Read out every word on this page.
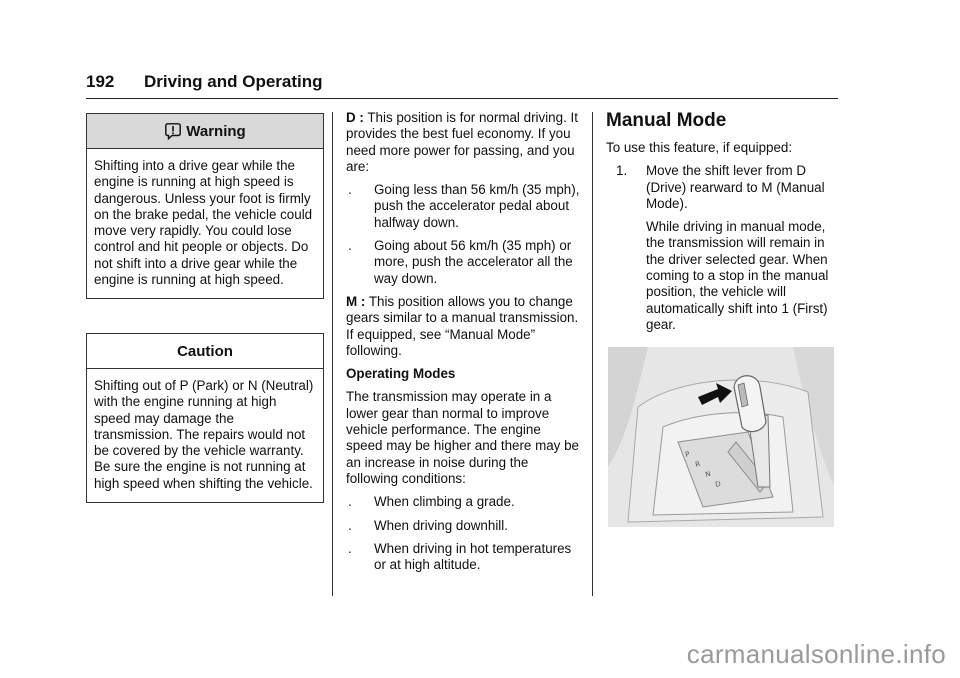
192 Driving and Operating
Warning
Shifting into a drive gear while the engine is running at high speed is dangerous. Unless your foot is firmly on the brake pedal, the vehicle could move very rapidly. You could lose control and hit people or objects. Do not shift into a drive gear while the engine is running at high speed.
Caution
Shifting out of P (Park) or N (Neutral) with the engine running at high speed may damage the transmission. The repairs would not be covered by the vehicle warranty. Be sure the engine is not running at high speed when shifting the vehicle.

D : This position is for normal driving. It provides the best fuel economy. If you need more power for passing, and you are:

. Going less than 56 km/h (35 mph), push the accelerator pedal about halfway down.
. Going about 56 km/h (35 mph) or more, push the accelerator all the way down.

M : This position allows you to change gears similar to a manual transmission. If equipped, see “Manual Mode” following.

Operating Modes

The transmission may operate in a lower gear than normal to improve vehicle performance. The engine speed may be higher and there may be an increase in noise during the following conditions:

. When climbing a grade.
. When driving downhill.
. When driving in hot temperatures or at high altitude.
Manual Mode

To use this feature, if equipped:

1. Move the shift lever from D (Drive) rearward to M (Manual Mode).
While driving in manual mode, the transmission will remain in the driver selected gear. When coming to a stop in the manual position, the vehicle will automatically shift into 1 (First) gear.
P
R
N
D
carmanualsonline.info
